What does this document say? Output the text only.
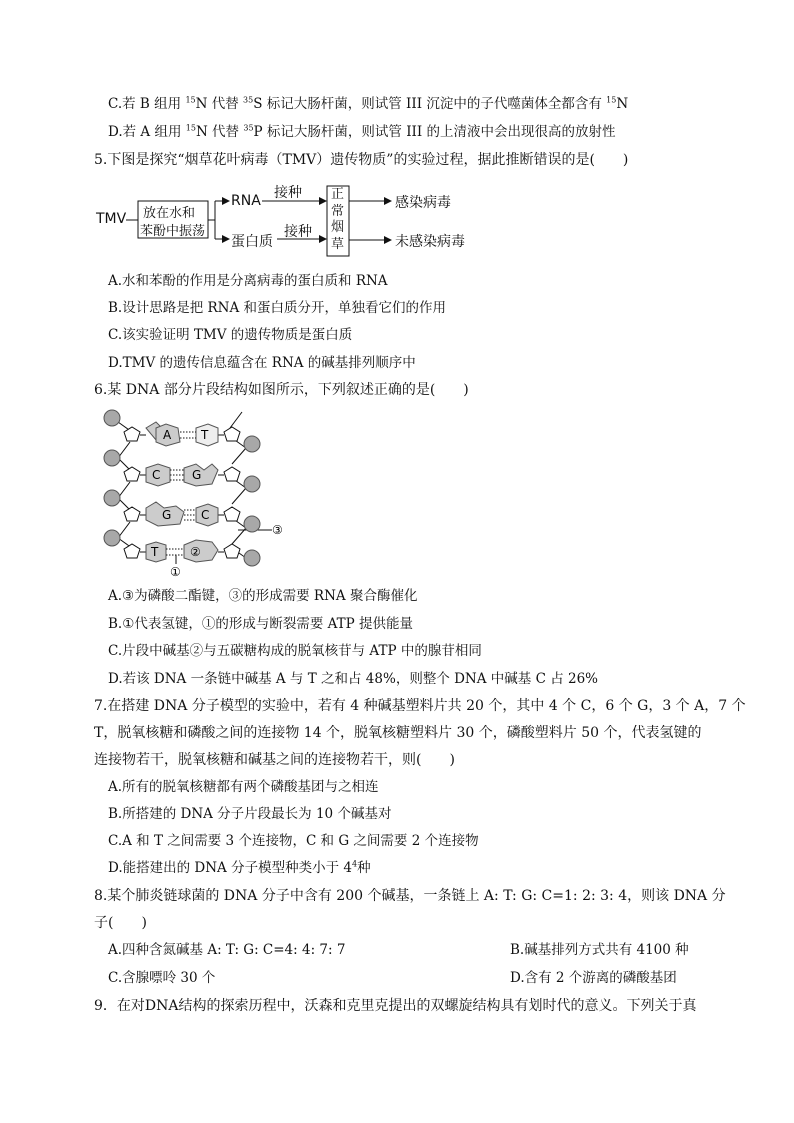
C.若 B 组用 $^{15}$N 代替 $^{35}$S 标记大肠杆菌，则试管 III 沉淀中的子代噬菌体全都含有 $^{15}$N
D.若 A 组用 $^{15}$N 代替 $^{35}$P 标记大肠杆菌，则试管 III 的上清液中会出现很高的放射性
5.下图是探究“烟草花叶病毒（TMV）遗传物质”的实验过程，据此推断错误的是(　　)
TMV 放在水和
苯酚中振荡
RNA
蛋白质
接种
接种
正
常
烟
草
感染病毒
未感染病毒
A.水和苯酚的作用是分离病毒的蛋白质和 RNA
B.设计思路是把 RNA 和蛋白质分开，单独看它们的作用
C.该实验证明 TMV 的遗传物质是蛋白质
D.TMV 的遗传信息蕴含在 RNA 的碱基排列顺序中
6.某 DNA 部分片段结构如图所示，下列叙述正确的是(　　)
A T
C	G
G C
T	②
①
③
A.③为磷酸二酯键，③的形成需要 RNA 聚合酶催化
B.①代表氢键，①的形成与断裂需要 ATP 提供能量
C.片段中碱基②与五碳糖构成的脱氧核苷与 ATP 中的腺苷相同
D.若该 DNA 一条链中碱基 A 与 T 之和占 48%，则整个 DNA 中碱基 C 占 26%
7.在搭建 DNA 分子模型的实验中，若有 4 种碱基塑料片共 20 个，其中 4 个 C，6 个 G，3 个 A，7 个
T，脱氧核糖和磷酸之间的连接物 14 个，脱氧核糖塑料片 30 个，磷酸塑料片 50 个，代表氢键的
连接物若干，脱氧核糖和碱基之间的连接物若干，则(　　)
A.所有的脱氧核糖都有两个磷酸基团与之相连
B.所搭建的 DNA 分子片段最长为 10 个碱基对
C.A 和 T 之间需要 3 个连接物，C 和 G 之间需要 2 个连接物
D.能搭建出的 DNA 分子模型种类小于 $4^4$种
8.某个肺炎链球菌的 DNA 分子中含有 200 个碱基，一条链上 A: T: G: C=1: 2: 3: 4，则该 DNA 分
子(　　)
A.四种含氮碱基 A: T: G: C=4: 4: 7: 7	B.碱基排列方式共有 4100 种
C.含腺嘌呤 30 个	D.含有 2 个游离的磷酸基团
9．在对DNA结构的探索历程中，沃森和克里克提出的双螺旋结构具有划时代的意义。下列关于真
